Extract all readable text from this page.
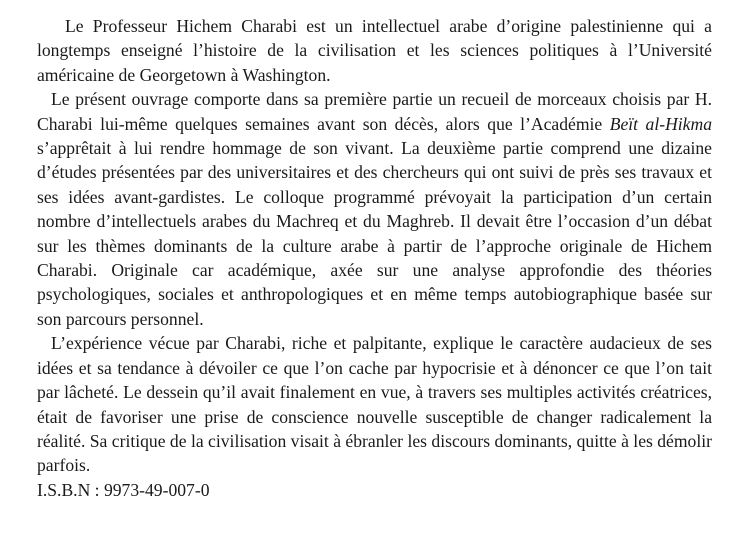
Le Professeur Hichem Charabi est un intellectuel arabe d’origine palestinienne qui a longtemps enseigné l’histoire de la civilisation et les sciences politiques à l’Université américaine de Georgetown à Washington.

Le présent ouvrage comporte dans sa première partie un recueil de morceaux choisis par H. Charabi lui-même quelques semaines avant son décès, alors que l’Académie Beït al-Hikma s’apprêtait à lui rendre hommage de son vivant. La deuxième partie comprend une dizaine d’études présentées par des universitaires et des chercheurs qui ont suivi de près ses travaux et ses idées avant-gardistes. Le colloque programmé prévoyait la participation d’un certain nombre d’intellectuels arabes du Machreq et du Maghreb. Il devait être l’occasion d’un débat sur les thèmes dominants de la culture arabe à partir de l’approche originale de Hichem Charabi. Originale car académique, axée sur une analyse approfondie des théories psychologiques, sociales et anthropologiques et en même temps autobiographique basée sur son parcours personnel.

L’expérience vécue par Charabi, riche et palpitante, explique le caractère audacieux de ses idées et sa tendance à dévoiler ce que l’on cache par hypocrisie et à dénoncer ce que l’on tait par lâcheté. Le dessein qu’il avait finalement en vue, à travers ses multiples activités créatrices, était de favoriser une prise de conscience nouvelle susceptible de changer radicalement la réalité. Sa critique de la civilisation visait à ébranler les discours dominants, quitte à les démolir parfois.

I.S.B.N : 9973-49-007-0
